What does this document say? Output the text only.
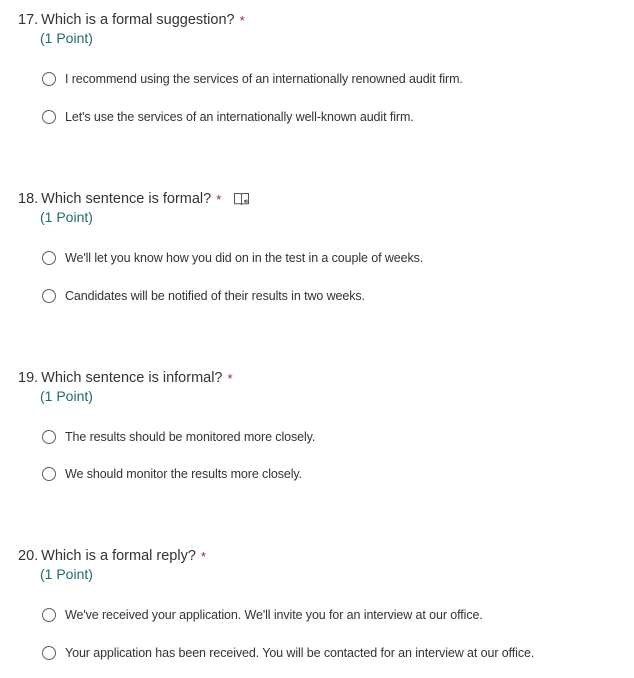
17. Which is a formal suggestion? *
(1 Point)
I recommend using the services of an internationally renowned audit firm.
Let's use the services of an internationally well-known audit firm.
18. Which sentence is formal? *
(1 Point)
We'll let you know how you did on in the test in a couple of weeks.
Candidates will be notified of their results in two weeks.
19. Which sentence is informal? *
(1 Point)
The results should be monitored more closely.
We should monitor the results more closely.
20. Which is a formal reply? *
(1 Point)
We've received your application. We'll invite you for an interview at our office.
Your application has been received. You will be contacted for an interview at our office.
